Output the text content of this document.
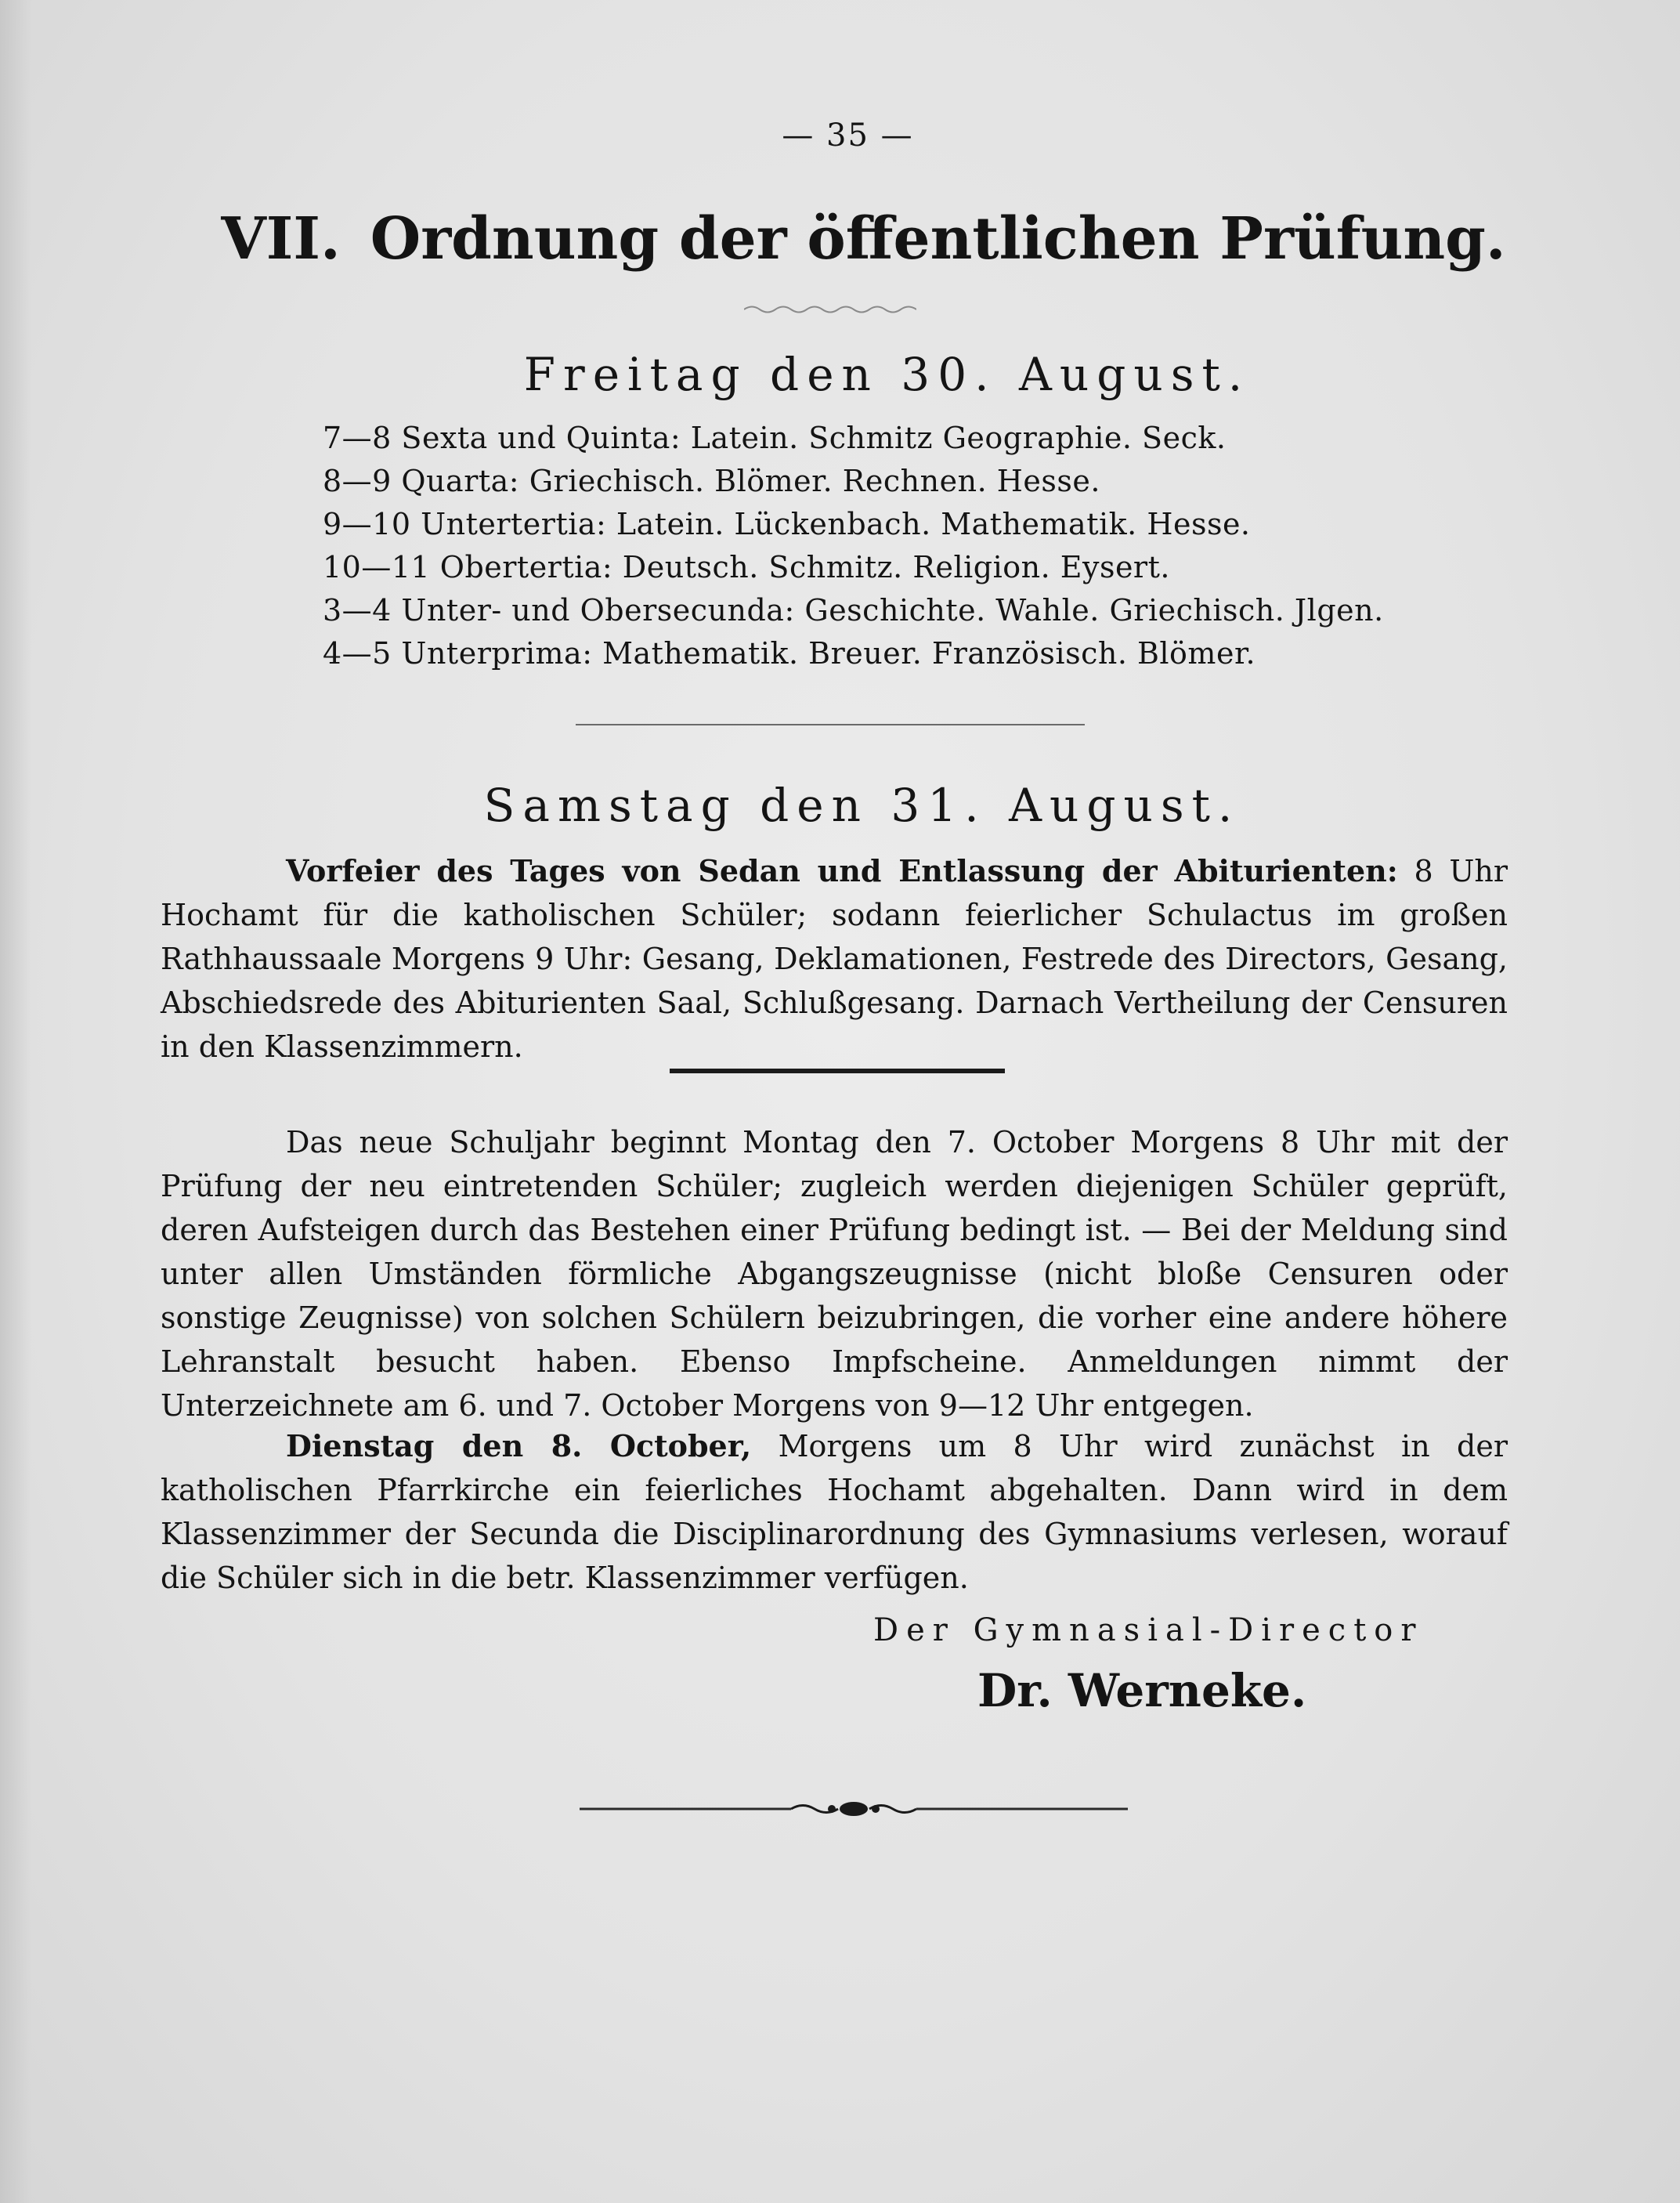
— 35 —
VII. Ordnung der öffentlichen Prüfung.
Freitag den 30. August.
7—8 Sexta und Quinta: Latein. Schmitz Geographie. Seck.
8—9 Quarta: Griechisch. Blömer. Rechnen. Hesse.
9—10 Untertertia: Latein. Lückenbach. Mathematik. Hesse.
10—11 Obertertia: Deutsch. Schmitz. Religion. Eysert.
3—4 Unter- und Obersecunda: Geschichte. Wahle. Griechisch. Jlgen.
4—5 Unterprima: Mathematik. Breuer. Französisch. Blömer.
Samstag den 31. August.

Vorfeier des Tages von Sedan und Entlassung der Abiturienten: 8 Uhr Hochamt für die katholischen Schüler; sodann feierlicher Schulactus im großen Rathhaussaale Morgens 9 Uhr: Gesang, Deklamationen, Festrede des Directors, Gesang, Abschiedsrede des Abiturienten Saal, Schlußgesang. Darnach Vertheilung der Censuren in den Klassenzimmern.

Das neue Schuljahr beginnt Montag den 7. October Morgens 8 Uhr mit der Prüfung der neu eintretenden Schüler; zugleich werden diejenigen Schüler geprüft, deren Aufsteigen durch das Bestehen einer Prüfung bedingt ist. — Bei der Meldung sind unter allen Umständen förmliche Abgangszeugnisse (nicht bloße Censuren oder sonstige Zeugnisse) von solchen Schülern beizubringen, die vorher eine andere höhere Lehranstalt besucht haben. Ebenso Impfscheine. Anmeldungen nimmt der Unterzeichnete am 6. und 7. October Morgens von 9—12 Uhr entgegen.

Dienstag den 8. October, Morgens um 8 Uhr wird zunächst in der katholischen Pfarrkirche ein feierliches Hochamt abgehalten. Dann wird in dem Klassenzimmer der Secunda die Disciplinarordnung des Gymnasiums verlesen, worauf die Schüler sich in die betr. Klassenzimmer verfügen.

Der Gymnasial-Director
Dr. Werneke.
